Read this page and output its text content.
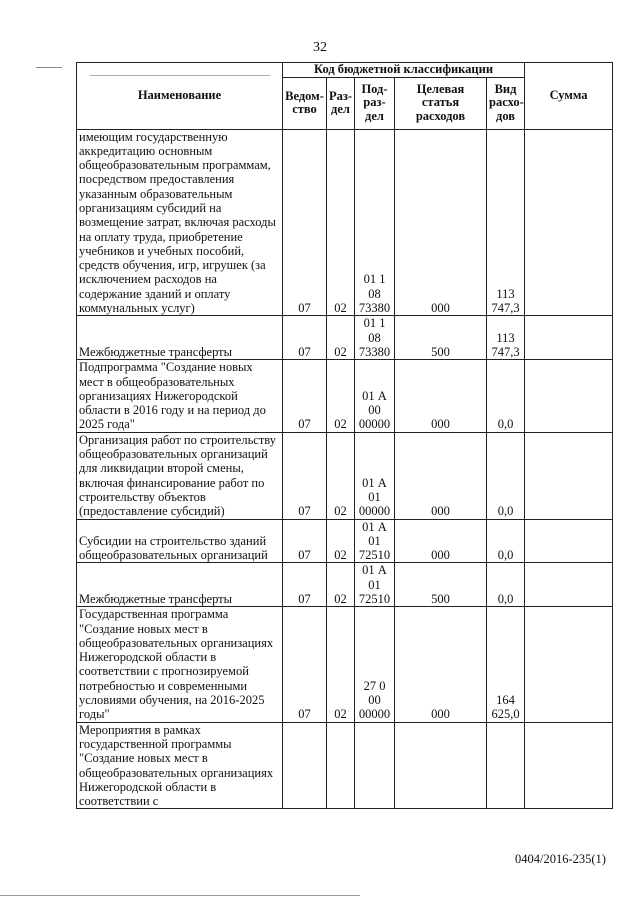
32
Наименование	Код бюджетной классификации					Сумма
	Ведом-ство	Раз-дел	Под-раз-дел	Целевая статья расходов	Вид расхо-дов	
имеющим государственную аккредитацию основным общеобразовательным программам, посредством предоставления указанным образовательным организациям субсидий на возмещение затрат, включая расходы на оплату труда, приобретение учебников и учебных пособий, средств обучения, игр, игрушек (за исключением расходов на содержание зданий и оплату коммунальных услуг)	07	02	01 1 08 73380	000	113 747,3	
Межбюджетные трансферты	07	02	01 1 08 73380	500	113 747,3	
Подпрограмма "Создание новых мест в общеобразовательных организациях Нижегородской области в 2016 году и на период до 2025 года"	07	02	01 А 00 00000	000	0,0	
Организация работ по строительству общеобразовательных организаций для ликвидации второй смены, включая финансирование работ по строительству объектов (предоставление субсидий)	07	02	01 А 01 00000	000	0,0	
Субсидии на строительство зданий общеобразовательных организаций	07	02	01 А 01 72510	000	0,0	
Межбюджетные трансферты	07	02	01 А 01 72510	500	0,0	
Государственная программа "Создание новых мест в общеобразовательных организациях Нижегородской области в соответствии с прогнозируемой потребностью и современными условиями обучения, на 2016-2025 годы"	07	02	27 0 00 00000	000	164 625,0	
Мероприятия в рамках государственной программы "Создание новых мест в общеобразовательных организациях Нижегородской области в соответствии с						
0404/2016-235(1)
